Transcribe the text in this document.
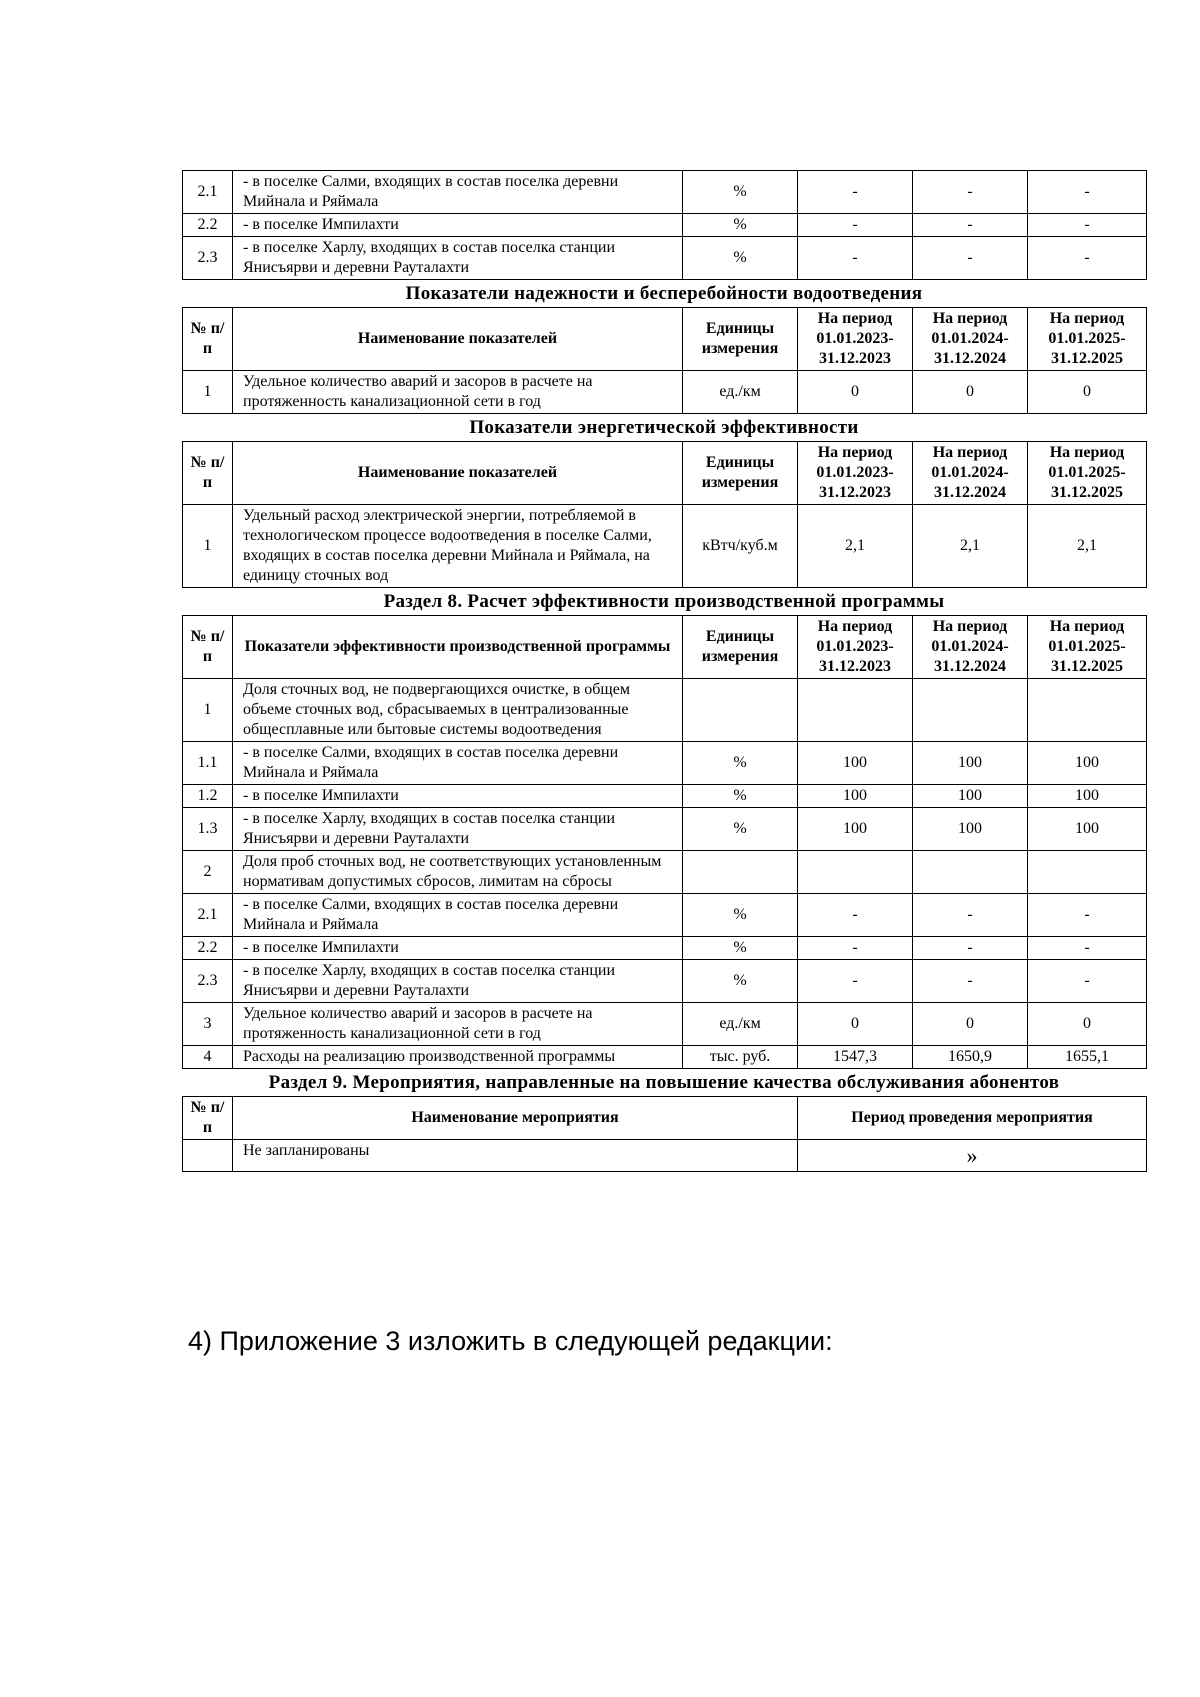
2.1	- в поселке Салми, входящих в состав поселка деревни Мийнала и Ряймала	%	-	-	-
2.2	- в поселке Импилахти	%	-	-	-
2.3	- в поселке Харлу, входящих в состав поселка станции Янисъярви и деревни Рауталахти	%	-	-	-
Показатели надежности и бесперебойности водоотведения
№ п/п	Наименование показателей	Единицы измерения	На период 01.01.2023-31.12.2023	На период 01.01.2024-31.12.2024	На период 01.01.2025-31.12.2025
1	Удельное количество аварий и засоров в расчете на протяженность канализационной сети в год	ед./км	0	0	0
Показатели энергетической эффективности
№ п/п	Наименование показателей	Единицы измерения	На период 01.01.2023-31.12.2023	На период 01.01.2024-31.12.2024	На период 01.01.2025-31.12.2025
1	Удельный расход электрической энергии, потребляемой в технологическом процессе водоотведения в поселке Салми, входящих в состав поселка деревни Мийнала и Ряймала, на единицу сточных вод	кВтч/куб.м	2,1	2,1	2,1
Раздел 8. Расчет эффективности производственной программы
№ п/п	Показатели эффективности производственной программы	Единицы измерения	На период 01.01.2023-31.12.2023	На период 01.01.2024-31.12.2024	На период 01.01.2025-31.12.2025
1	Доля сточных вод, не подвергающихся очистке, в общем объеме сточных вод, сбрасываемых в централизованные общесплавные или бытовые системы водоотведения				
1.1	- в поселке Салми, входящих в состав поселка деревни Мийнала и Ряймала	%	100	100	100
1.2	- в поселке Импилахти	%	100	100	100
1.3	- в поселке Харлу, входящих в состав поселка станции Янисъярви и деревни Рауталахти	%	100	100	100
2	Доля проб сточных вод, не соответствующих установленным нормативам допустимых сбросов, лимитам на сбросы				
2.1	- в поселке Салми, входящих в состав поселка деревни Мийнала и Ряймала	%	-	-	-
2.2	- в поселке Импилахти	%	-	-	-
2.3	- в поселке Харлу, входящих в состав поселка станции Янисъярви и деревни Рауталахти	%	-	-	-
3	Удельное количество аварий и засоров в расчете на протяженность канализационной сети в год	ед./км	0	0	0
4	Расходы на реализацию производственной программы	тыс. руб.	1547,3	1650,9	1655,1
Раздел 9. Мероприятия, направленные на повышение качества обслуживания абонентов
№ п/п	Наименование мероприятия	Период проведения мероприятия
	Не запланированы	»
4) Приложение 3 изложить в следующей редакции:
